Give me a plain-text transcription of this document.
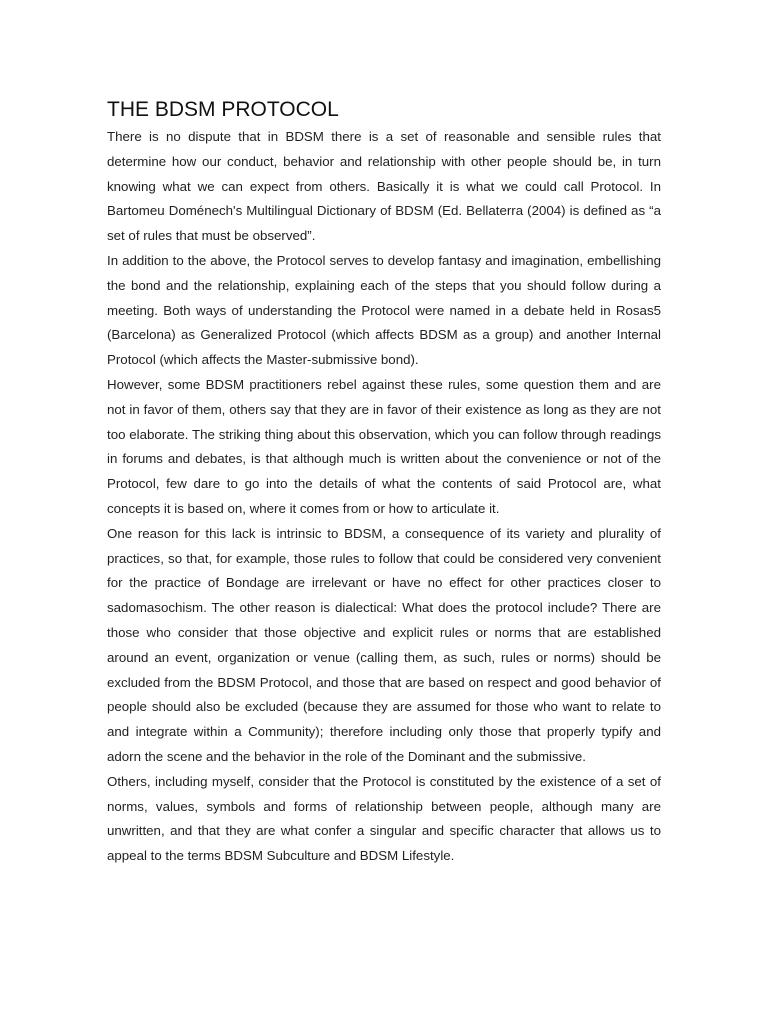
THE BDSM PROTOCOL

There is no dispute that in BDSM there is a set of reasonable and sensible rules that determine how our conduct, behavior and relationship with other people should be, in turn knowing what we can expect from others. Basically it is what we could call Protocol. In Bartomeu Doménech's Multilingual Dictionary of BDSM (Ed. Bellaterra (2004) is defined as “a set of rules that must be observed”.

In addition to the above, the Protocol serves to develop fantasy and imagination, embellishing the bond and the relationship, explaining each of the steps that you should follow during a meeting. Both ways of understanding the Protocol were named in a debate held in Rosas5 (Barcelona) as Generalized Protocol (which affects BDSM as a group) and another Internal Protocol (which affects the Master-submissive bond).

However, some BDSM practitioners rebel against these rules, some question them and are not in favor of them, others say that they are in favor of their existence as long as they are not too elaborate. The striking thing about this observation, which you can follow through readings in forums and debates, is that although much is written about the convenience or not of the Protocol, few dare to go into the details of what the contents of said Protocol are, what concepts it is based on, where it comes from or how to articulate it.

One reason for this lack is intrinsic to BDSM, a consequence of its variety and plurality of practices, so that, for example, those rules to follow that could be considered very convenient for the practice of Bondage are irrelevant or have no effect for other practices closer to sadomasochism. The other reason is dialectical: What does the protocol include? There are those who consider that those objective and explicit rules or norms that are established around an event, organization or venue (calling them, as such, rules or norms) should be excluded from the BDSM Protocol, and those that are based on respect and good behavior of people should also be excluded (because they are assumed for those who want to relate to and integrate within a Community); therefore including only those that properly typify and adorn the scene and the behavior in the role of the Dominant and the submissive.

Others, including myself, consider that the Protocol is constituted by the existence of a set of norms, values, symbols and forms of relationship between people, although many are unwritten, and that they are what confer a singular and specific character that allows us to appeal to the terms BDSM Subculture and BDSM Lifestyle.
